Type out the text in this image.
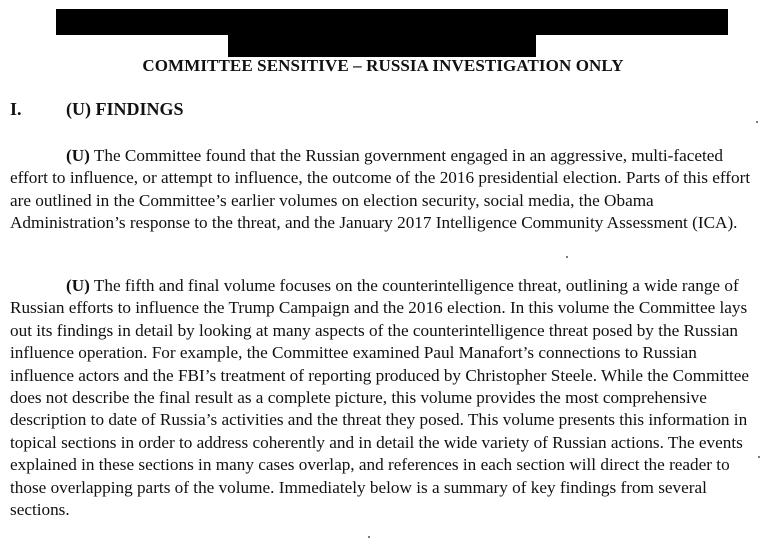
COMMITTEE SENSITIVE – RUSSIA INVESTIGATION ONLY
I. (U) FINDINGS

(U) The Committee found that the Russian government engaged in an aggressive, multi-faceted effort to influence, or attempt to influence, the outcome of the 2016 presidential election. Parts of this effort are outlined in the Committee’s earlier volumes on election security, social media, the Obama Administration’s response to the threat, and the January 2017 Intelligence Community Assessment (ICA).

(U) The fifth and final volume focuses on the counterintelligence threat, outlining a wide range of Russian efforts to influence the Trump Campaign and the 2016 election. In this volume the Committee lays out its findings in detail by looking at many aspects of the counterintelligence threat posed by the Russian influence operation. For example, the Committee examined Paul Manafort’s connections to Russian influence actors and the FBI’s treatment of reporting produced by Christopher Steele. While the Committee does not describe the final result as a complete picture, this volume provides the most comprehensive description to date of Russia’s activities and the threat they posed. This volume presents this information in topical sections in order to address coherently and in detail the wide variety of Russian actions. The events explained in these sections in many cases overlap, and references in each section will direct the reader to those overlapping parts of the volume. Immediately below is a summary of key findings from several sections.
